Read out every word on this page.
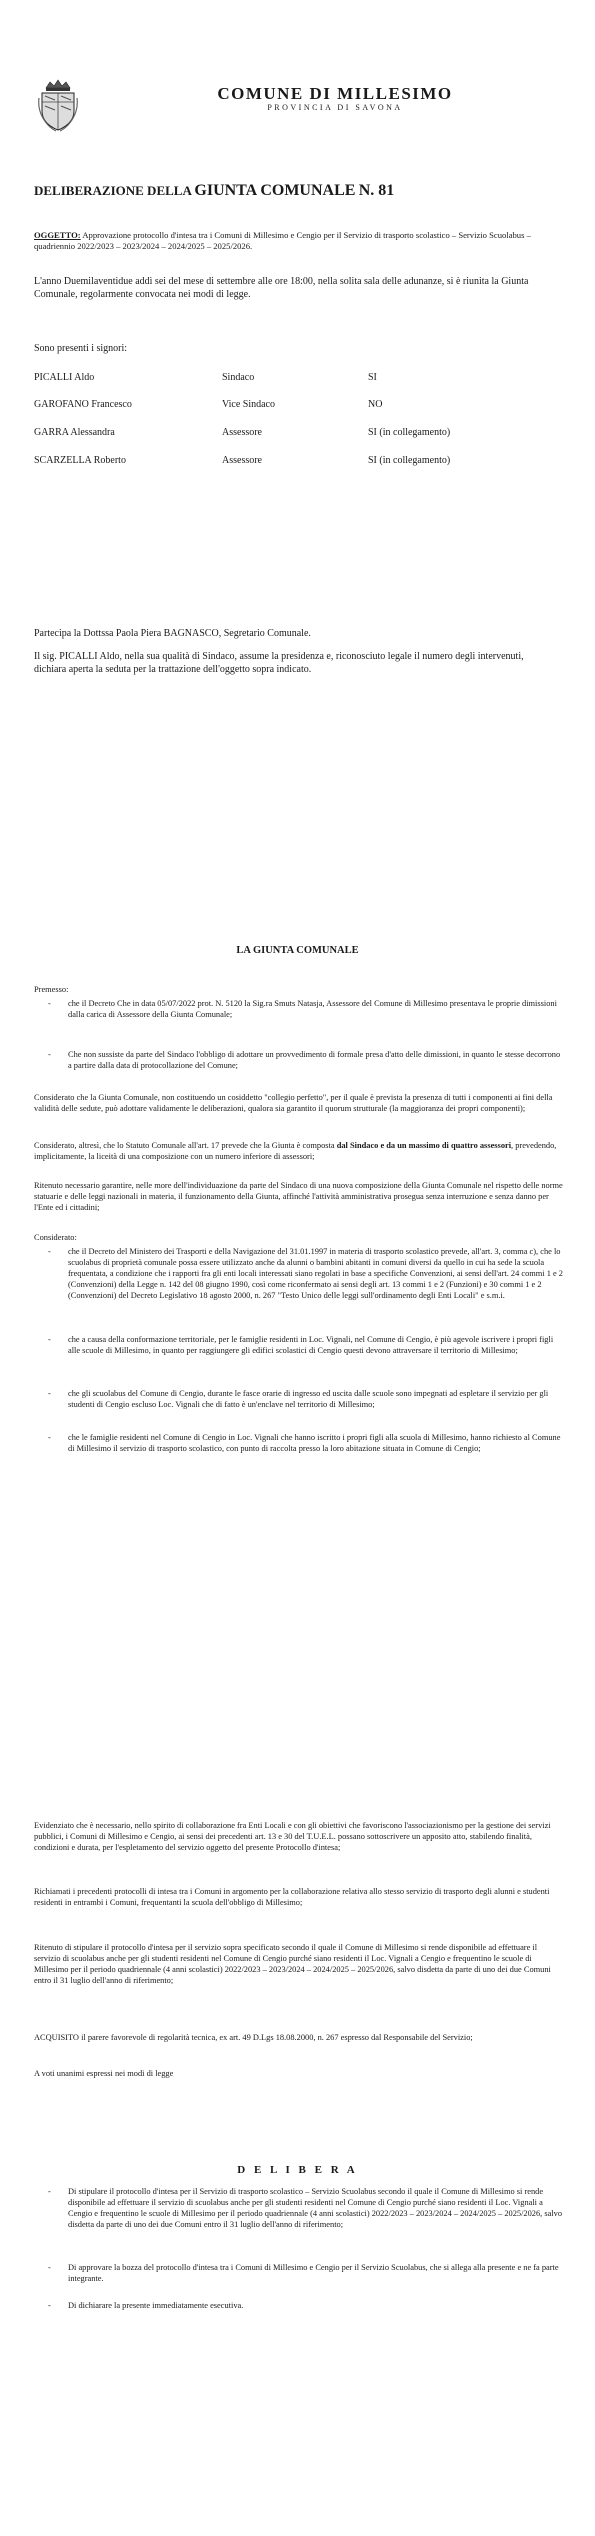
COMUNE DI MILLESIMO
PROVINCIA DI SAVONA
DELIBERAZIONE DELLA GIUNTA COMUNALE N. 81
OGGETTO: Approvazione protocollo d'intesa tra i Comuni di Millesimo e Cengio per il Servizio di trasporto scolastico – Servizio Scuolabus – quadriennio 2022/2023 – 2023/2024 – 2024/2025 – 2025/2026.
L'anno Duemilaventidue addì sei del mese di settembre alle ore 18:00, nella solita sala delle adunanze, si è riunita la Giunta Comunale, regolarmente convocata nei modi di legge.
Sono presenti i signori:
PICALLI Aldo	Sindaco	SI
GAROFANO Francesco	Vice Sindaco	NO
GARRA Alessandra	Assessore	SI (in collegamento)
SCARZELLA Roberto	Assessore	SI (in collegamento)
Partecipa la Dottssa Paola Piera BAGNASCO, Segretario Comunale.
Il sig. PICALLI Aldo, nella sua qualità di Sindaco, assume la presidenza e, riconosciuto legale il numero degli intervenuti, dichiara aperta la seduta per la trattazione dell'oggetto sopra indicato.
LA GIUNTA COMUNALE
Premesso:
- che il Decreto Che in data 05/07/2022 prot. N. 5120 la Sig.ra Smuts Natasja, Assessore del Comune di Millesimo presentava le proprie dimissioni dalla carica di Assessore della Giunta Comunale;
- Che non sussiste da parte del Sindaco l'obbligo di adottare un provvedimento di formale presa d'atto delle dimissioni, in quanto le stesse decorrono a partire dalla data di protocollazione del Comune;
Considerato che la Giunta Comunale, non costituendo un cosiddetto "collegio perfetto", per il quale è prevista la presenza di tutti i componenti ai fini della validità delle sedute, può adottare validamente le deliberazioni, qualora sia garantito il quorum strutturale (la maggioranza dei propri componenti);
Considerato, altresì, che lo Statuto Comunale all'art. 17 prevede che la Giunta è composta dal Sindaco e da un massimo di quattro assessori, prevedendo, implicitamente, la liceità di una composizione con un numero inferiore di assessori;
Ritenuto necessario garantire, nelle more dell'individuazione da parte del Sindaco di una nuova composizione della Giunta Comunale nel rispetto delle norme statuarie e delle leggi nazionali in materia, il funzionamento della Giunta, affinché l'attività amministrativa prosegua senza interruzione e senza danno per l'Ente ed i cittadini;
Considerato:
- che il Decreto del Ministero dei Trasporti e della Navigazione del 31.01.1997 in materia di trasporto scolastico prevede, all'art. 3, comma c), che lo scuolabus di proprietà comunale possa essere utilizzato anche da alunni o bambini abitanti in comuni diversi da quello in cui ha sede la scuola frequentata, a condizione che i rapporti fra gli enti locali interessati siano regolati in base a specifiche Convenzioni, ai sensi dell'art. 24 commi 1 e 2 (Convenzioni) della Legge n. 142 del 08 giugno 1990, così come riconfermato ai sensi degli art. 13 commi 1 e 2 (Funzioni) e 30 commi 1 e 2 (Convenzioni) del Decreto Legislativo 18 agosto 2000, n. 267 "Testo Unico delle leggi sull'ordinamento degli Enti Locali" e s.m.i.
- che a causa della conformazione territoriale, per le famiglie residenti in Loc. Vignali, nel Comune di Cengio, è più agevole iscrivere i propri figli alle scuole di Millesimo, in quanto per raggiungere gli edifici scolastici di Cengio questi devono attraversare il territorio di Millesimo;
- che gli scuolabus del Comune di Cengio, durante le fasce orarie di ingresso ed uscita dalle scuole sono impegnati ad espletare il servizio per gli studenti di Cengio escluso Loc. Vignali che di fatto è un'enclave nel territorio di Millesimo;
- che le famiglie residenti nel Comune di Cengio in Loc. Vignali che hanno iscritto i propri figli alla scuola di Millesimo, hanno richiesto al Comune di Millesimo il servizio di trasporto scolastico, con punto di raccolta presso la loro abitazione situata in Comune di Cengio;
Evidenziato che è necessario, nello spirito di collaborazione fra Enti Locali e con gli obiettivi che favoriscono l'associazionismo per la gestione dei servizi pubblici, i Comuni di Millesimo e Cengio, ai sensi dei precedenti art. 13 e 30 del T.U.E.L. possano sottoscrivere un apposito atto, stabilendo finalità, condizioni e durata, per l'espletamento del servizio oggetto del presente Protocollo d'intesa;
Richiamati i precedenti protocolli di intesa tra i Comuni in argomento per la collaborazione relativa allo stesso servizio di trasporto degli alunni e studenti residenti in entrambi i Comuni, frequentanti la scuola dell'obbligo di Millesimo;
Ritenuto di stipulare il protocollo d'intesa per il servizio sopra specificato secondo il quale il Comune di Millesimo si rende disponibile ad effettuare il servizio di scuolabus anche per gli studenti residenti nel Comune di Cengio purché siano residenti il Loc. Vignali a Cengio e frequentino le scuole di Millesimo per il periodo quadriennale (4 anni scolastici) 2022/2023 – 2023/2024 – 2024/2025 – 2025/2026, salvo disdetta da parte di uno dei due Comuni entro il 31 luglio dell'anno di riferimento;
ACQUISITO il parere favorevole di regolarità tecnica, ex art. 49 D.Lgs 18.08.2000, n. 267 espresso dal Responsabile del Servizio;
A voti unanimi espressi nei modi di legge
D E L I B E R A
- Di stipulare il protocollo d'intesa per il Servizio di trasporto scolastico – Servizio Scuolabus secondo il quale il Comune di Millesimo si rende disponibile ad effettuare il servizio di scuolabus anche per gli studenti residenti nel Comune di Cengio purché siano residenti il Loc. Vignali a Cengio e frequentino le scuole di Millesimo per il periodo quadriennale (4 anni scolastici) 2022/2023 – 2023/2024 – 2024/2025 – 2025/2026, salvo disdetta da parte di uno dei due Comuni entro il 31 luglio dell'anno di riferimento;
- Di approvare la bozza del protocollo d'intesa tra i Comuni di Millesimo e Cengio per il Servizio Scuolabus, che si allega alla presente e ne fa parte integrante.
- Di dichiarare la presente immediatamente esecutiva.
